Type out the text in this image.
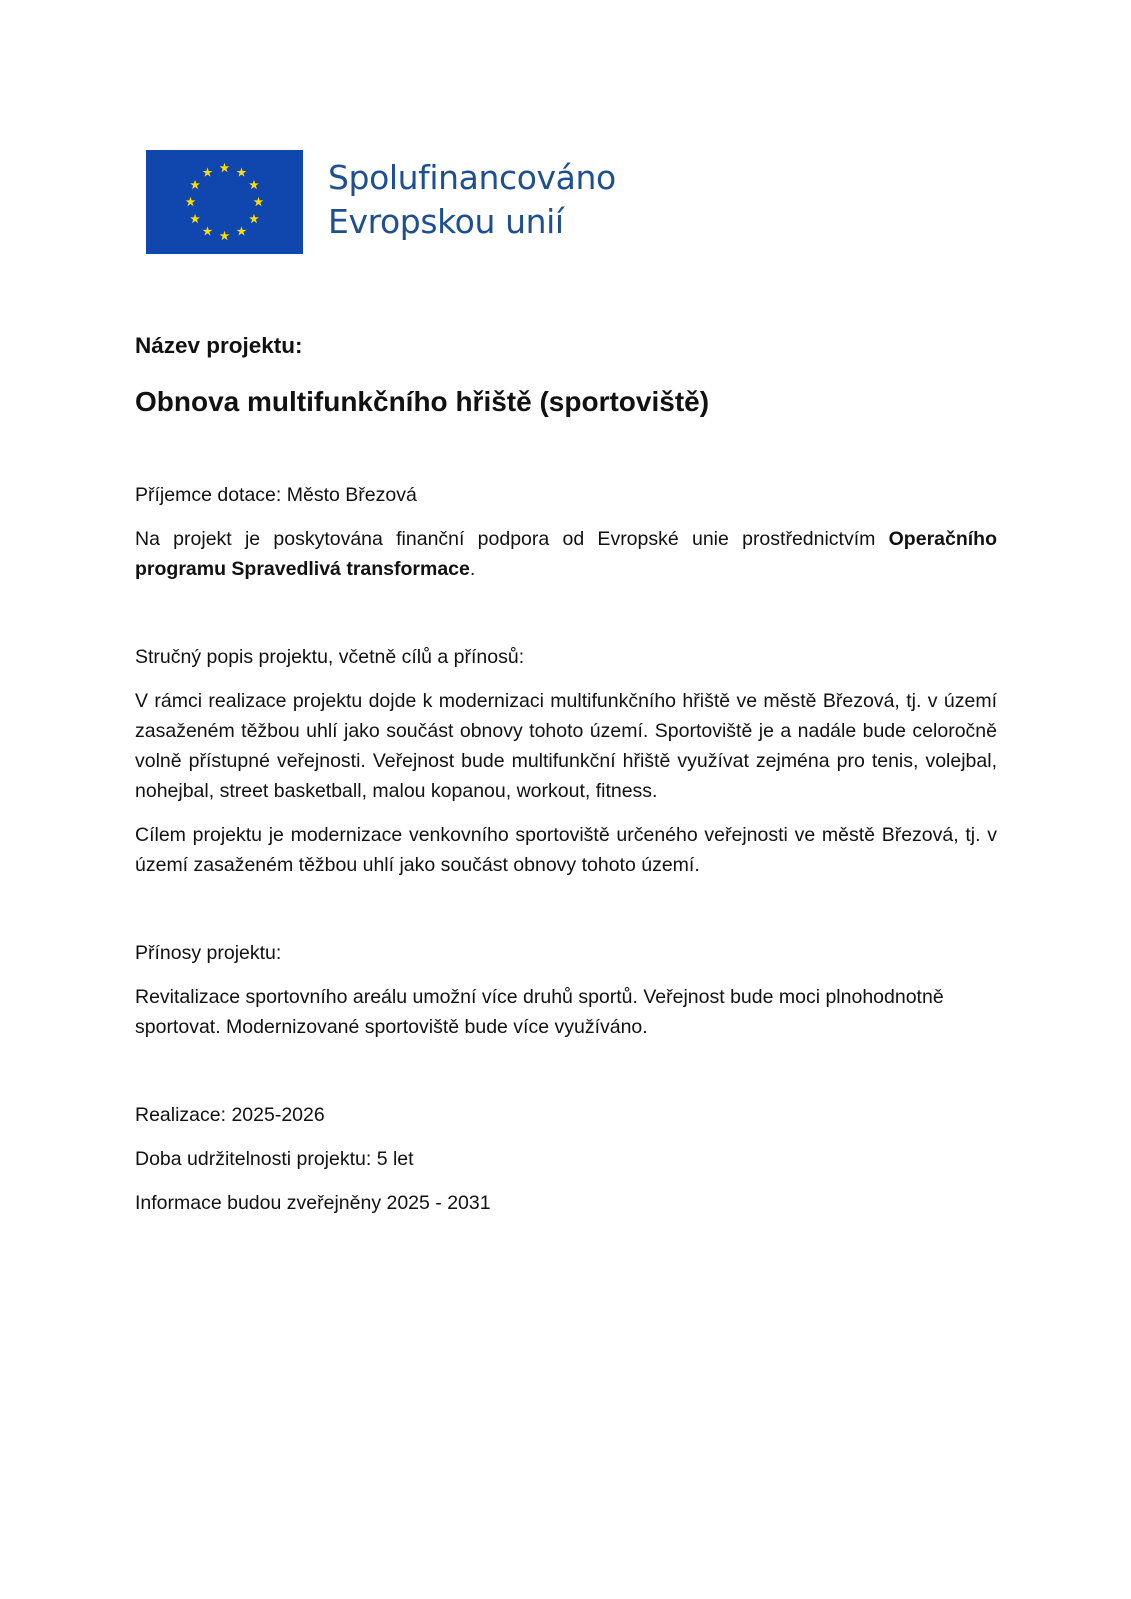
Spolufinancováno
Evropskou unií

Název projektu:

Obnova multifunkčního hřiště (sportoviště)

Příjemce dotace: Město Březová

Na projekt je poskytována finanční podpora od Evropské unie prostřednictvím Operačního programu Spravedlivá transformace.

Stručný popis projektu, včetně cílů a přínosů:

V rámci realizace projektu dojde k modernizaci multifunkčního hřiště ve městě Březová, tj. v území zasaženém těžbou uhlí jako součást obnovy tohoto území. Sportoviště je a nadále bude celoročně volně přístupné veřejnosti. Veřejnost bude multifunkční hřiště využívat zejména pro tenis, volejbal, nohejbal, street basketball, malou kopanou, workout, fitness.

Cílem projektu je modernizace venkovního sportoviště určeného veřejnosti ve městě Březová, tj. v území zasaženém těžbou uhlí jako součást obnovy tohoto území.

Přínosy projektu:

Revitalizace sportovního areálu umožní více druhů sportů. Veřejnost bude moci plnohodnotně sportovat. Modernizované sportoviště bude více využíváno.

Realizace: 2025-2026

Doba udržitelnosti projektu: 5 let

Informace budou zveřejněny 2025 - 2031
